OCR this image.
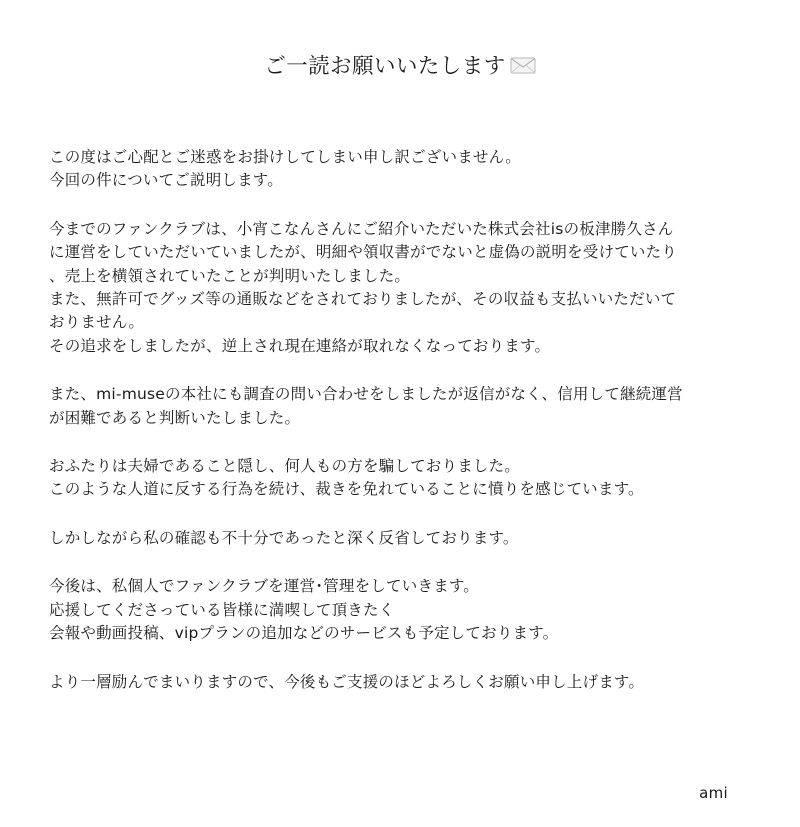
ご一読お願いいたします
この度はご心配とご迷惑をお掛けしてしまい申し訳ございません。
今回の件についてご説明します。
今までのファンクラブは、小宵こなんさんにご紹介いただいた株式会社isの板津勝久さん
に運営をしていただいていましたが、明細や領収書がでないと虚偽の説明を受けていたり
、売上を横領されていたことが判明いたしました。
また、無許可でグッズ等の通販などをされておりましたが、その収益も支払いいただいて
おりません。
その追求をしましたが、逆上され現在連絡が取れなくなっております。
また、mi-museの本社にも調査の問い合わせをしましたが返信がなく、信用して継続運営
が困難であると判断いたしました。
おふたりは夫婦であること隠し、何人もの方を騙しておりました。
このような人道に反する行為を続け、裁きを免れていることに憤りを感じています。
しかしながら私の確認も不十分であったと深く反省しております。
今後は、私個人でファンクラブを運営･管理をしていきます。
応援してくださっている皆様に満喫して頂きたく
会報や動画投稿、vipプランの追加などのサービスも予定しております。
より一層励んでまいりますので、今後もご支援のほどよろしくお願い申し上げます。
ami
